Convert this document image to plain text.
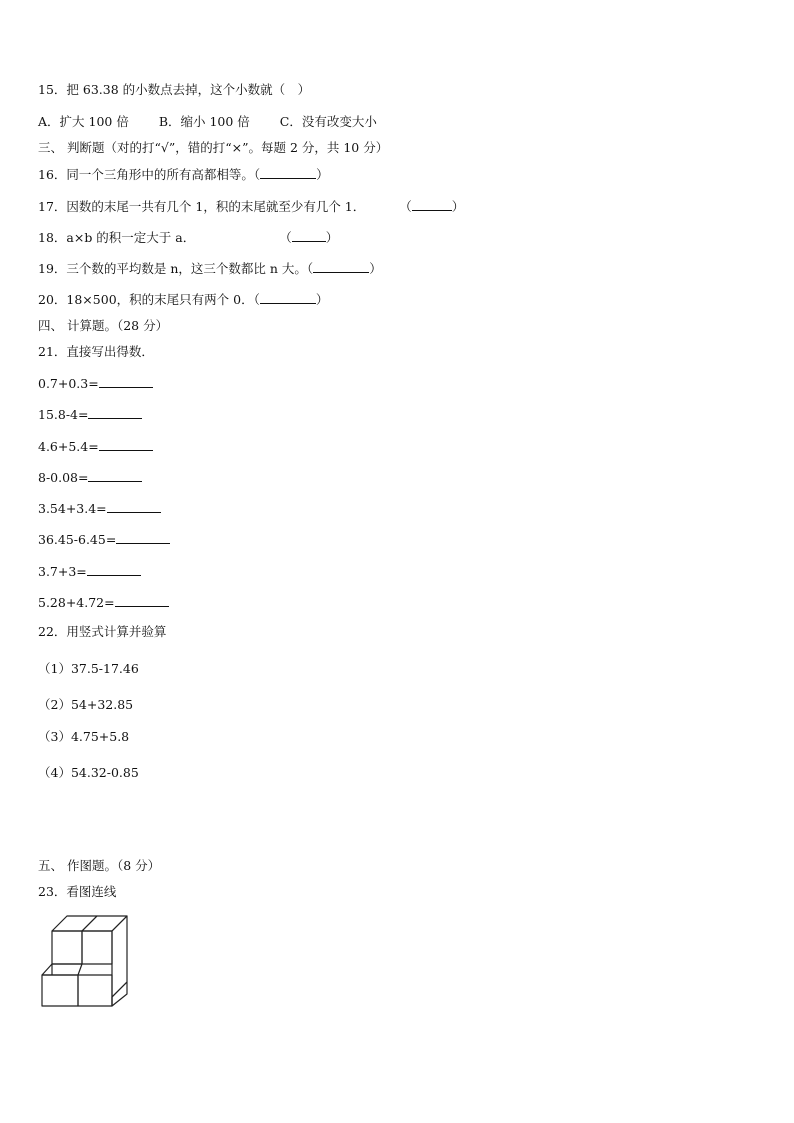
15．把 63.38 的小数点去掉，这个小数就（　）
A．扩大 100 倍 B．缩小 100 倍 C．没有改变大小
三、 判断题（对的打“√”，错的打“×”。每题 2 分，共 10 分）
16．同一个三角形中的所有高都相等。（	）
17．因数的末尾一共有几个 1，积的末尾就至少有几个 1．	（	）
18．a×b 的积一定大于 a．	（	）
19．三个数的平均数是 n，这三个数都比 n 大。（	）
20．18×500，积的末尾只有两个 0．（	）
四、 计算题。（28 分）
21．直接写出得数．
0.7+0.3=
15.8-4=
4.6+5.4=
8-0.08=
3.54+3.4=
36.45-6.45=
3.7+3=
5.28+4.72=
22．用竖式计算并验算
（1）37.5-17.46
（2）54+32.85
（3）4.75+5.8
（4）54.32-0.85
五、 作图题。（8 分）
23．看图连线
